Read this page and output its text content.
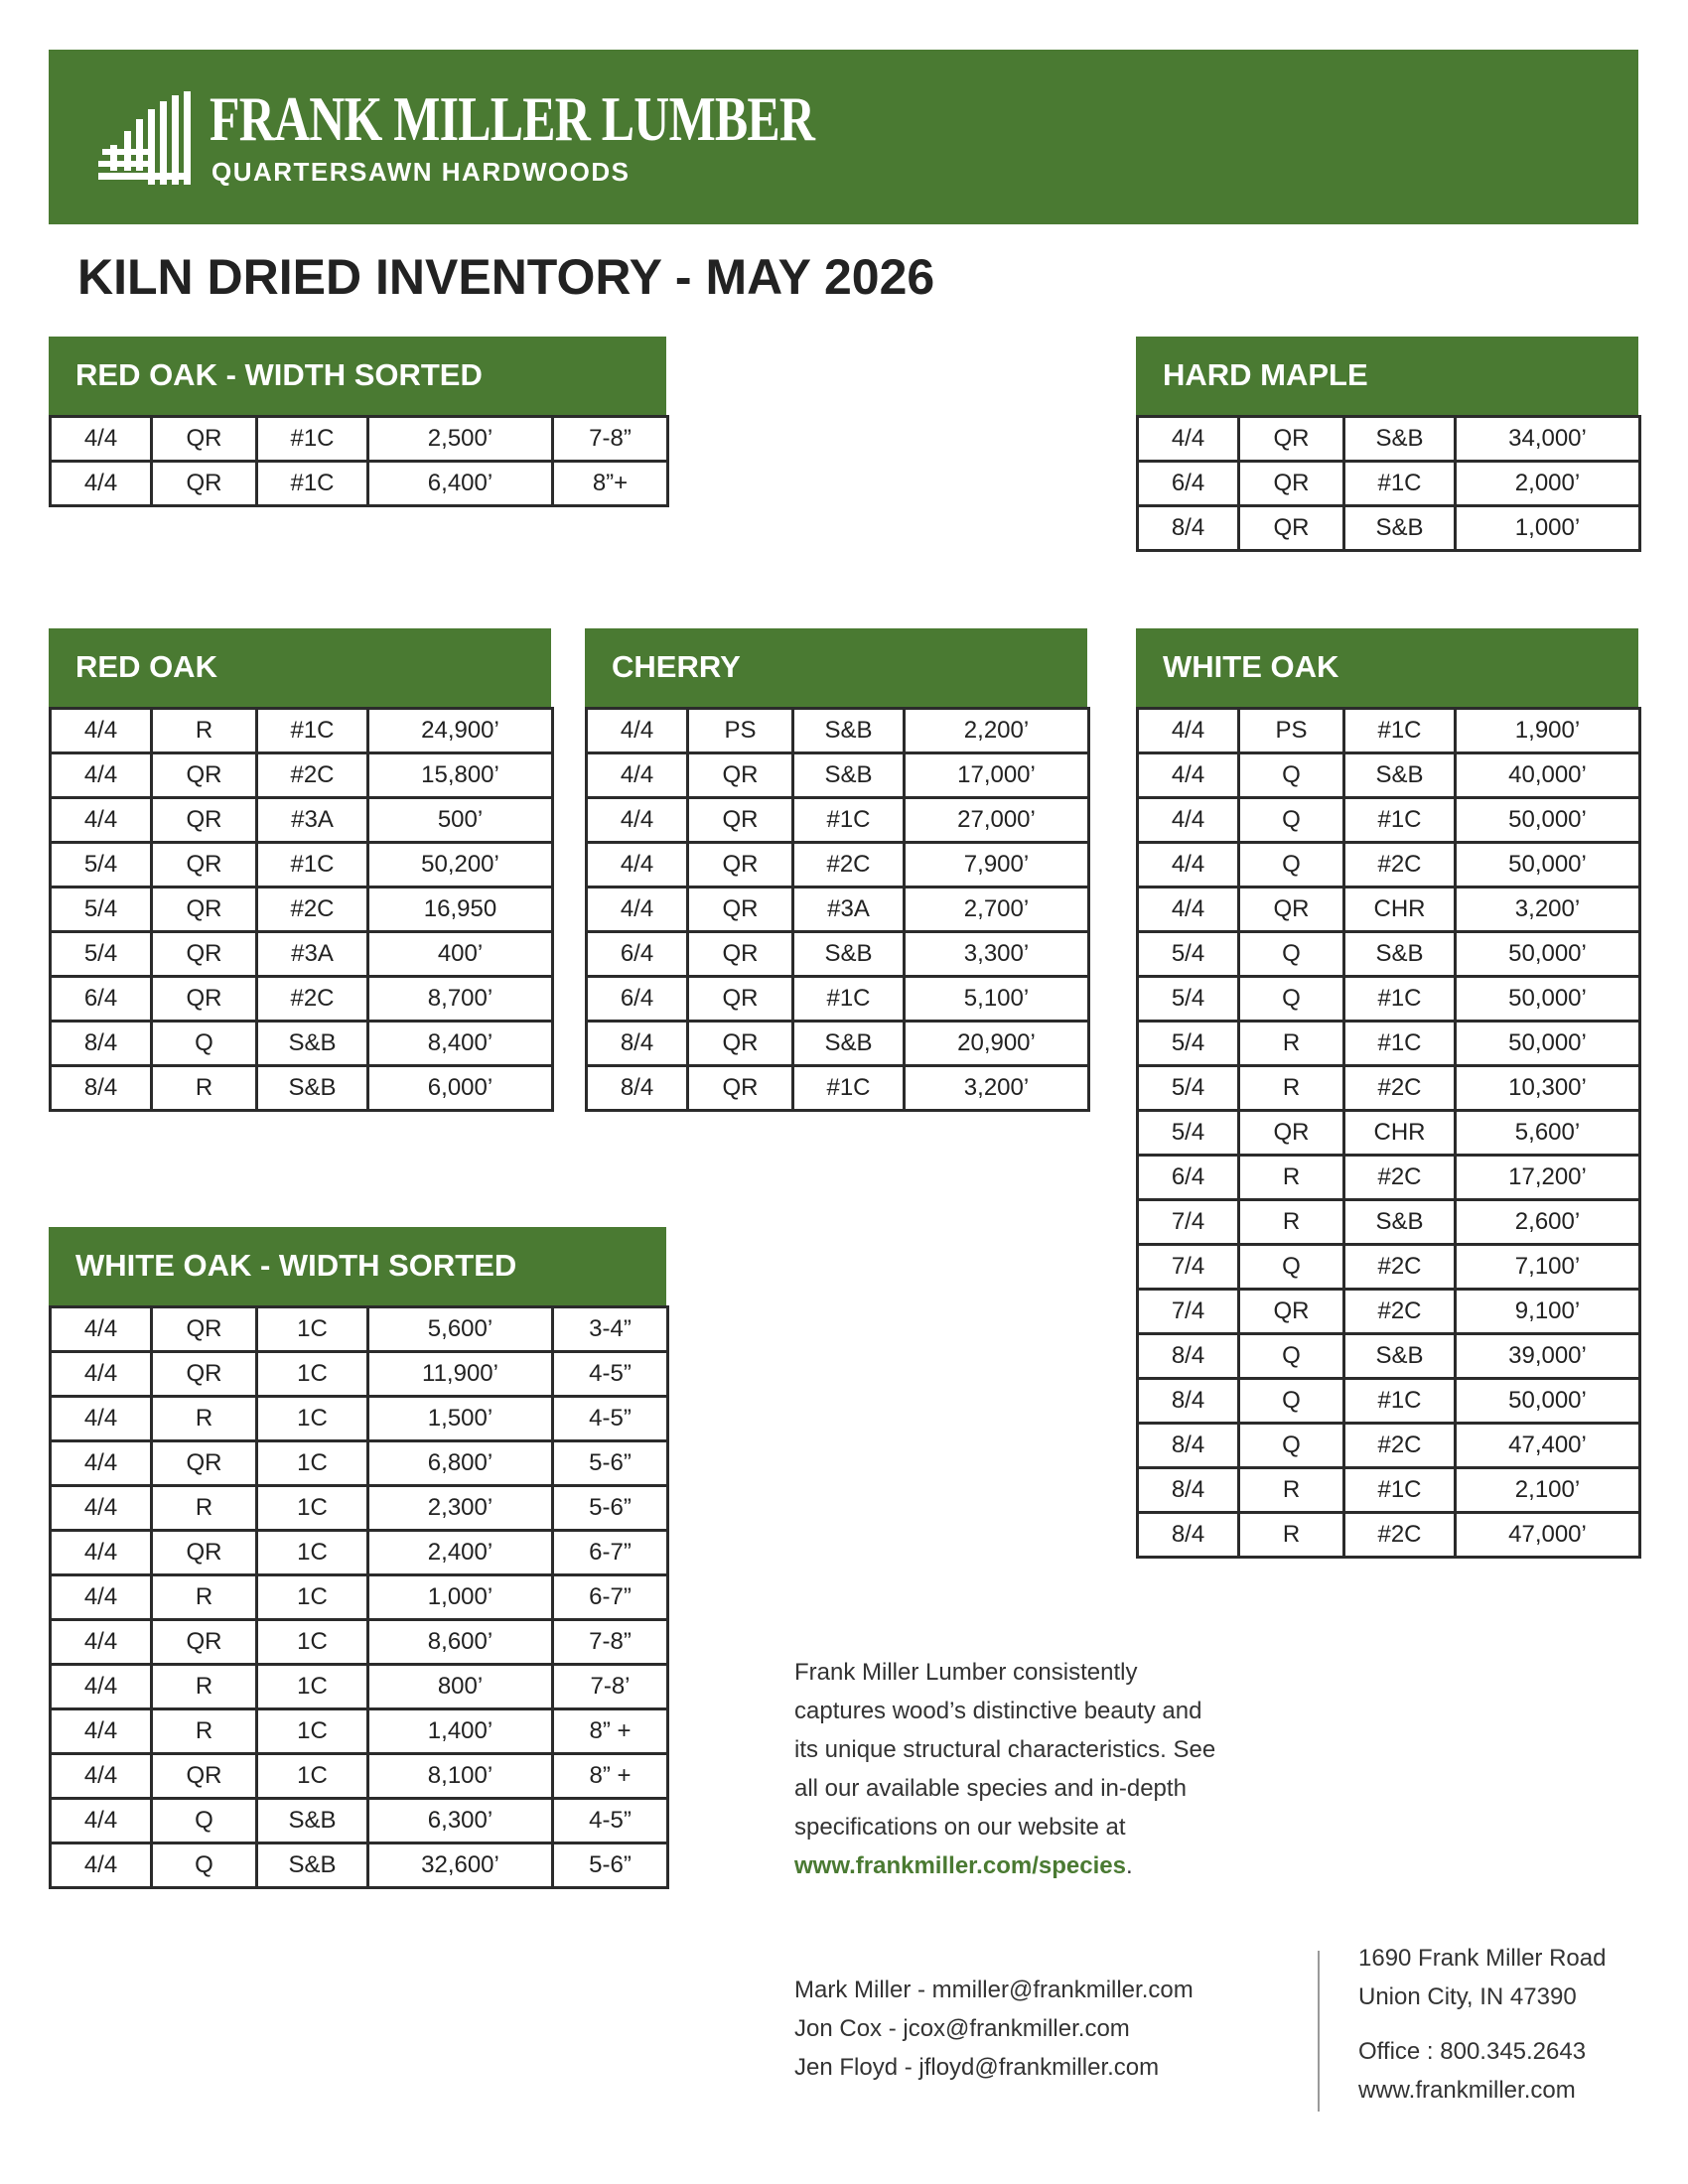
FRANK MILLER LUMBER
QUARTERSAWN HARDWOODS
KILN DRIED INVENTORY - MAY 2026
RED OAK - WIDTH SORTED
4/4	QR	#1C	2,500’	7-8”
4/4	QR	#1C	6,400’	8”+
HARD MAPLE
4/4	QR	S&B	34,000’
6/4	QR	#1C	2,000’
8/4	QR	S&B	1,000’
RED OAK
4/4	R	#1C	24,900’
4/4	QR	#2C	15,800’
4/4	QR	#3A	500’
5/4	QR	#1C	50,200’
5/4	QR	#2C	16,950
5/4	QR	#3A	400’
6/4	QR	#2C	8,700’
8/4	Q	S&B	8,400’
8/4	R	S&B	6,000’
CHERRY
4/4	PS	S&B	2,200’
4/4	QR	S&B	17,000’
4/4	QR	#1C	27,000’
4/4	QR	#2C	7,900’
4/4	QR	#3A	2,700’
6/4	QR	S&B	3,300’
6/4	QR	#1C	5,100’
8/4	QR	S&B	20,900’
8/4	QR	#1C	3,200’
WHITE OAK
4/4	PS	#1C	1,900’
4/4	Q	S&B	40,000’
4/4	Q	#1C	50,000’
4/4	Q	#2C	50,000’
4/4	QR	CHR	3,200’
5/4	Q	S&B	50,000’
5/4	Q	#1C	50,000’
5/4	R	#1C	50,000’
5/4	R	#2C	10,300’
5/4	QR	CHR	5,600’
6/4	R	#2C	17,200’
7/4	R	S&B	2,600’
7/4	Q	#2C	7,100’
7/4	QR	#2C	9,100’
8/4	Q	S&B	39,000’
8/4	Q	#1C	50,000’
8/4	Q	#2C	47,400’
8/4	R	#1C	2,100’
8/4	R	#2C	47,000’
WHITE OAK - WIDTH SORTED
4/4	QR	1C	5,600’	3-4”
4/4	QR	1C	11,900’	4-5”
4/4	R	1C	1,500’	4-5”
4/4	QR	1C	6,800’	5-6”
4/4	R	1C	2,300’	5-6”
4/4	QR	1C	2,400’	6-7”
4/4	R	1C	1,000’	6-7”
4/4	QR	1C	8,600’	7-8”
4/4	R	1C	800’	7-8’
4/4	R	1C	1,400’	8” +
4/4	QR	1C	8,100’	8” +
4/4	Q	S&B	6,300’	4-5”
4/4	Q	S&B	32,600’	5-6”
Frank Miller Lumber consistently
captures wood’s distinctive beauty and
its unique structural characteristics. See
all our available species and in-depth
specifications on our website at
www.frankmiller.com/species.
Mark Miller - mmiller@frankmiller.com
Jon Cox - jcox@frankmiller.com
Jen Floyd - jfloyd@frankmiller.com
1690 Frank Miller Road
Union City, IN 47390
Office : 800.345.2643
www.frankmiller.com
